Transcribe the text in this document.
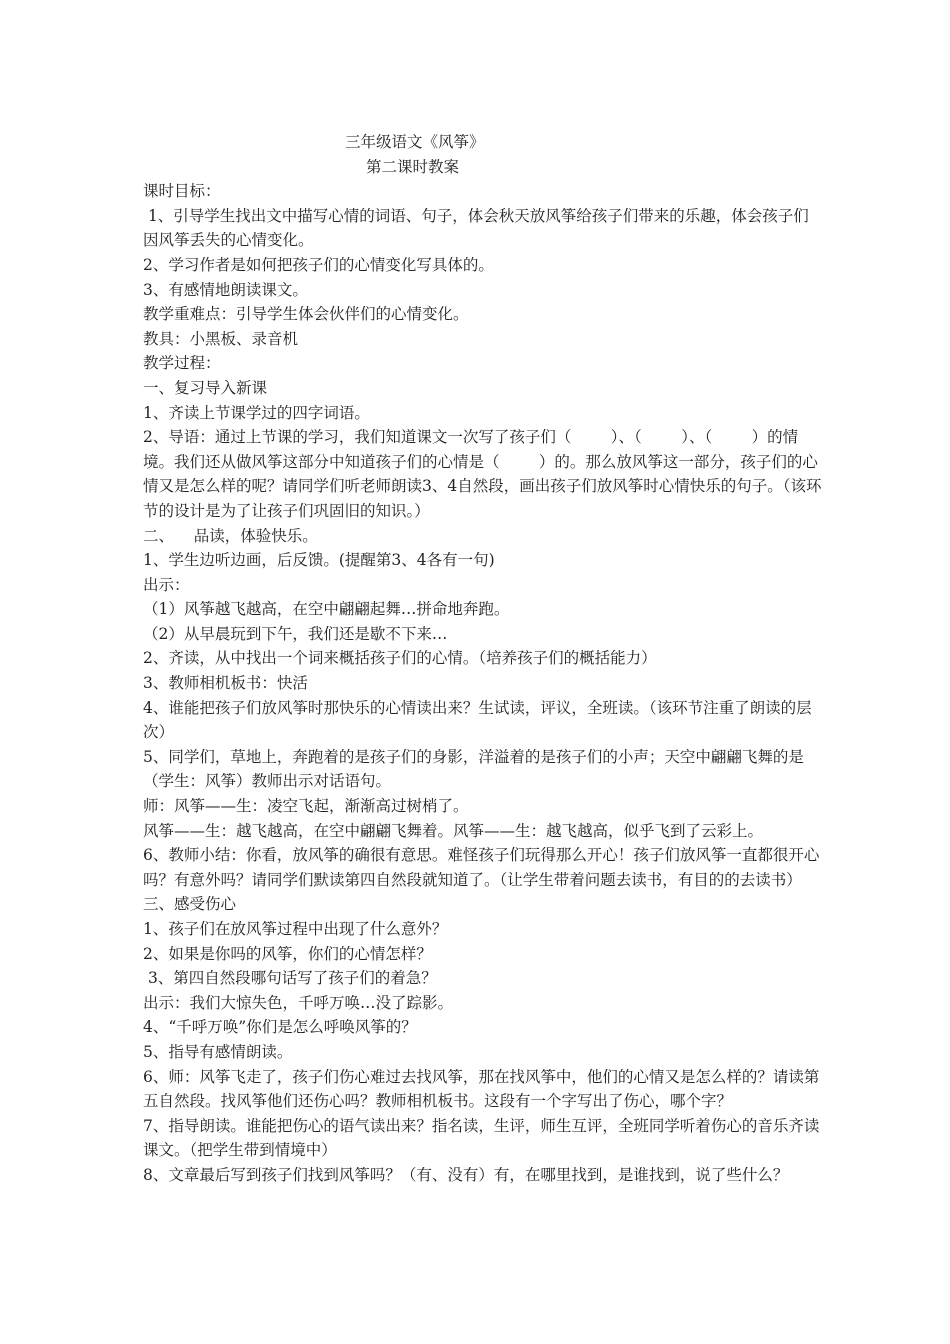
三年级语文《风筝》
第二课时教案
课时目标：
1、引导学生找出文中描写心情的词语、句子，体会秋天放风筝给孩子们带来的乐趣，体会孩子们因风筝丢失的心情变化。
2、学习作者是如何把孩子们的心情变化写具体的。
3、有感情地朗读课文。
教学重难点：引导学生体会伙伴们的心情变化。
教具：小黑板、录音机
教学过程：
一、复习导入新课
1、齐读上节课学过的四字词语。
2、导语：通过上节课的学习，我们知道课文一次写了孩子们（        ）、（        ）、（        ）的情境。我们还从做风筝这部分中知道孩子们的心情是（        ）的。那么放风筝这一部分，孩子们的心情又是怎么样的呢？请同学们听老师朗读3、4自然段，画出孩子们放风筝时心情快乐的句子。（该环节的设计是为了让孩子们巩固旧的知识。）
二、    品读，体验快乐。
1、学生边听边画，后反馈。(提醒第3、4各有一句)
出示：
（1）风筝越飞越高，在空中翩翩起舞…拼命地奔跑。
（2）从早晨玩到下午，我们还是歇不下来…
2、齐读，从中找出一个词来概括孩子们的心情。（培养孩子们的概括能力）
3、教师相机板书：快活
4、谁能把孩子们放风筝时那快乐的心情读出来？生试读，评议，全班读。（该环节注重了朗读的层次）
5、同学们，草地上，奔跑着的是孩子们的身影，洋溢着的是孩子们的小声；天空中翩翩飞舞的是（学生：风筝）教师出示对话语句。
师：风筝——生：凌空飞起，渐渐高过树梢了。
风筝——生：越飞越高，在空中翩翩飞舞着。风筝——生：越飞越高，似乎飞到了云彩上。
6、教师小结：你看，放风筝的确很有意思。难怪孩子们玩得那么开心！孩子们放风筝一直都很开心吗？有意外吗？请同学们默读第四自然段就知道了。（让学生带着问题去读书，有目的的去读书）
三、感受伤心
1、孩子们在放风筝过程中出现了什么意外？
2、如果是你吗的风筝，你们的心情怎样？
3、第四自然段哪句话写了孩子们的着急？
出示：我们大惊失色，千呼万唤…没了踪影。
4、“千呼万唤”你们是怎么呼唤风筝的？
5、指导有感情朗读。
6、师：风筝飞走了，孩子们伤心难过去找风筝，那在找风筝中，他们的心情又是怎么样的？请读第五自然段。找风筝他们还伤心吗？教师相机板书。这段有一个字写出了伤心，哪个字？
7、指导朗读。谁能把伤心的语气读出来？指名读，生评，师生互评，全班同学听着伤心的音乐齐读课文。（把学生带到情境中）
8、文章最后写到孩子们找到风筝吗？（有、没有）有，在哪里找到，是谁找到，说了些什么？
